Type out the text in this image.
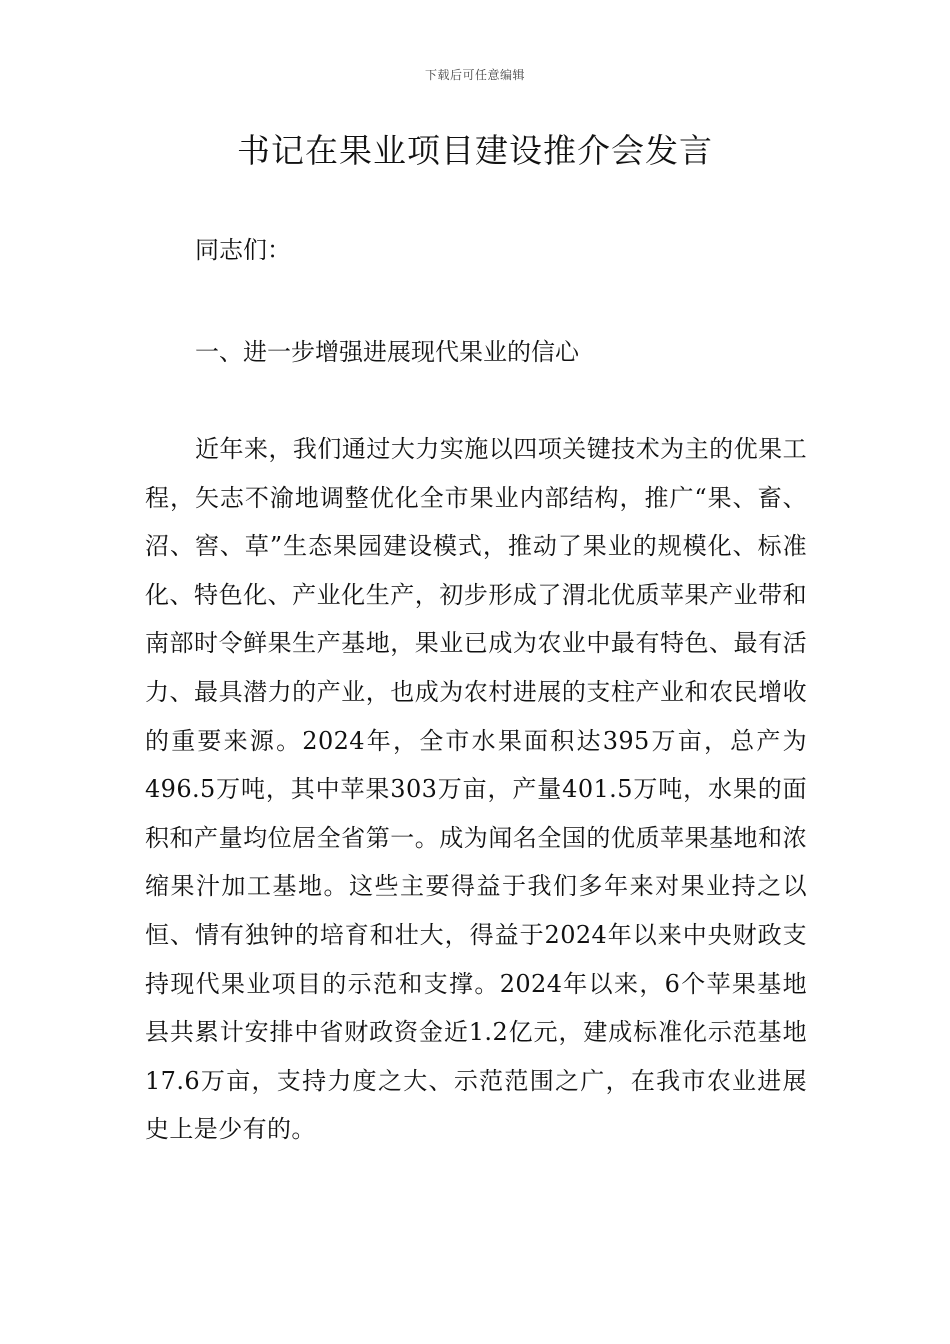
下载后可任意编辑
书记在果业项目建设推介会发言
同志们：
一、进一步增强进展现代果业的信心

近年来，我们通过大力实施以四项关键技术为主的优果工程，矢志不渝地调整优化全市果业内部结构，推广“果、畜、沼、窖、草”生态果园建设模式，推动了果业的规模化、标准化、特色化、产业化生产，初步形成了渭北优质苹果产业带和南部时令鲜果生产基地，果业已成为农业中最有特色、最有活力、最具潜力的产业，也成为农村进展的支柱产业和农民增收的重要来源。2024年，全市水果面积达395万亩，总产为496.5万吨，其中苹果303万亩，产量401.5万吨，水果的面积和产量均位居全省第一。成为闻名全国的优质苹果基地和浓缩果汁加工基地。这些主要得益于我们多年来对果业持之以恒、情有独钟的培育和壮大，得益于2024年以来中央财政支持现代果业项目的示范和支撑。2024年以来，6个苹果基地县共累计安排中省财政资金近1.2亿元，建成标准化示范基地17.6万亩，支持力度之大、示范范围之广，在我市农业进展史上是少有的。
